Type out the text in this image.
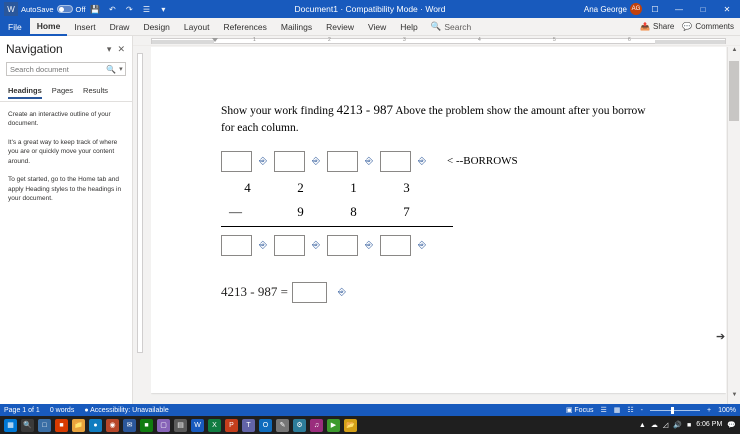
W AutoSave	Off 💾	↶	↷	☰	▾	Document1 · Compatibility Mode · Word	Ana George AG	☐	—	□	✕
File	Home	Insert	Draw	Design	Layout	References	Mailings	Review	View	Help	🔍 Search	📤 Share 💬 Comments
Navigation	▾ ✕
Search document
🔍 ▾
Headings Pages Results

Create an interactive outline of your document.

It's a great way to keep track of where you are or quickly move your content around.

To get started, go to the Home tab and apply Heading styles to the headings in your document.

1	2	3	4	5	6
Show your work finding 4213 - 987 Above the problem show the amount after you borrow for each column.
⎆	⎆	⎆	⎆	< --BORROWS
4	2	1	3
—	9	8	7
⎆	⎆	⎆	⎆
4213 - 987 =	⎆
➔
▲
▼
Page 1 of 1 0 words ● Accessibility: Unavailable	▣ Focus ☰ ▦ ☷ -	+ 100%
▦	🔍	□	■	📁	●	◉	✉	■	▢	▤	W	X	P	T	O	✎	⚙	♫	▶	📂	▲ ☁ ◿ 🔊 ■ 6:06 PM 💬
